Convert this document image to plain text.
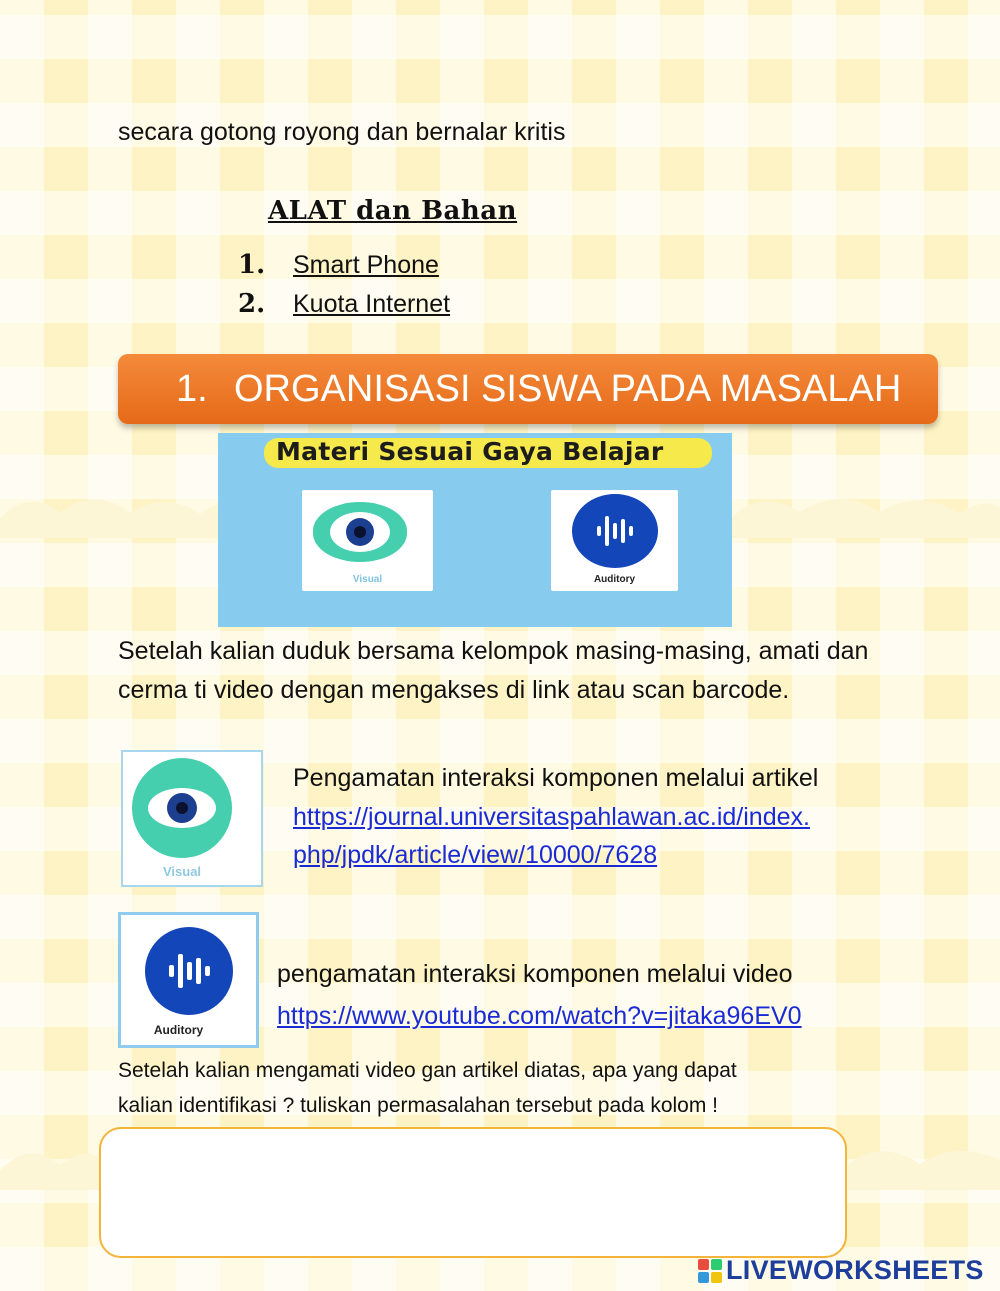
secara gotong royong dan bernalar kritis
ALAT dan Bahan
1.	Smart Phone
2.	Kuota Internet
1. ORGANISASI SISWA PADA MASALAH
Materi Sesuai Gaya Belajar
Visual	Auditory
Setelah kalian duduk bersama kelompok masing-masing, amati dan cerma ti video dengan mengakses di link atau scan barcode.
Visual
Pengamatan interaksi komponen melalui artikel
https://journal.universitaspahlawan.ac.id/index.
php/jpdk/article/view/10000/7628
Auditory
pengamatan interaksi komponen melalui video
https://www.youtube.com/watch?v=jitaka96EV0
Setelah kalian mengamati video gan artikel diatas, apa yang dapat
kalian identifikasi ? tuliskan permasalahan tersebut pada kolom !
LIVEWORKSHEETS
